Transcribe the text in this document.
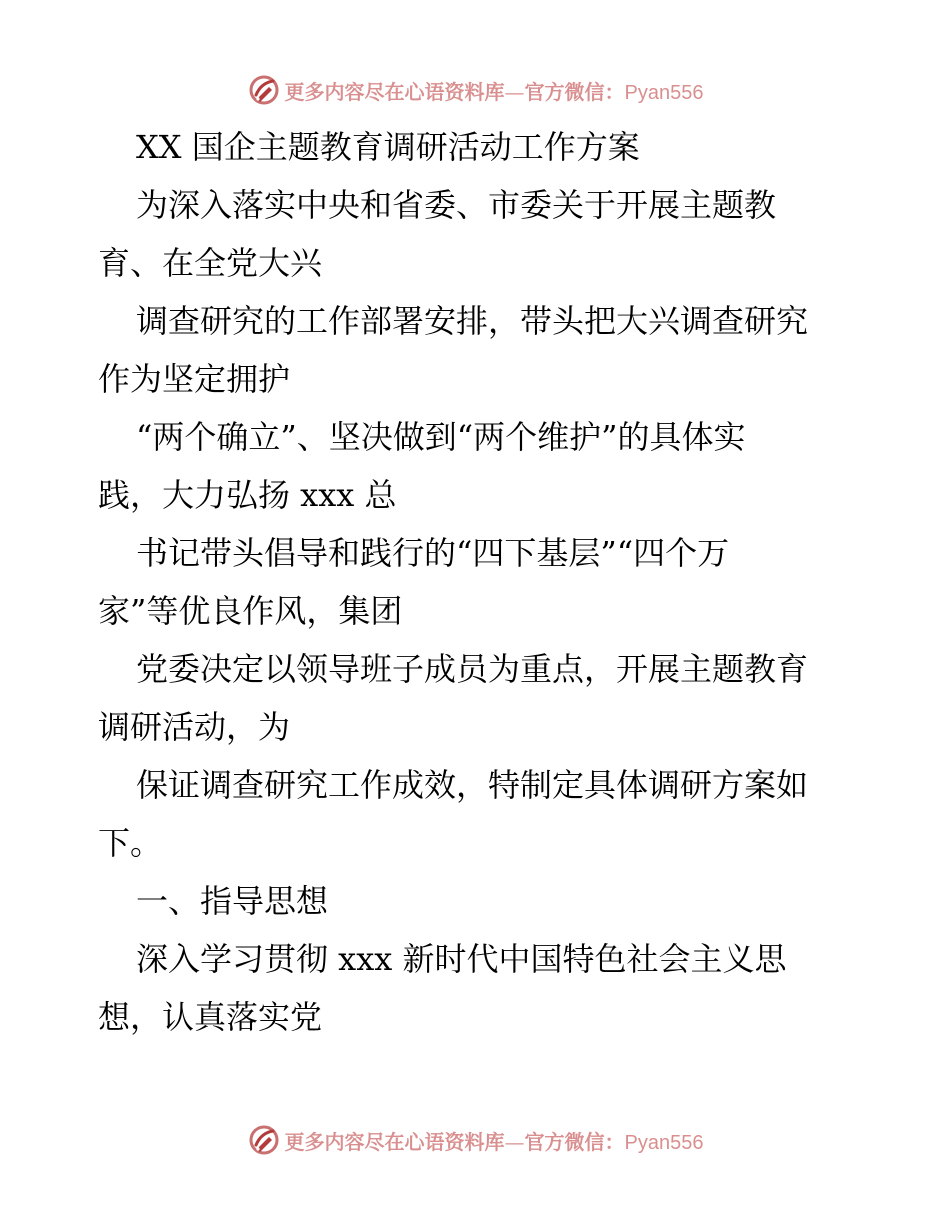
更多内容尽在心语资料库—官方微信：Pyan556
XX 国企主题教育调研活动工作方案
为深入落实中央和省委、市委关于开展主题教
育、在全党大兴
调查研究的工作部署安排，带头把大兴调查研究
作为坚定拥护
“两个确立”、坚决做到“两个维护”的具体实
践，大力弘扬 xxx 总
书记带头倡导和践行的“四下基层”“四个万
家”等优良作风，集团
党委决定以领导班子成员为重点，开展主题教育
调研活动，为
保证调查研究工作成效，特制定具体调研方案如
下。
一、指导思想
深入学习贯彻 xxx 新时代中国特色社会主义思
想，认真落实党
更多内容尽在心语资料库—官方微信：Pyan556
